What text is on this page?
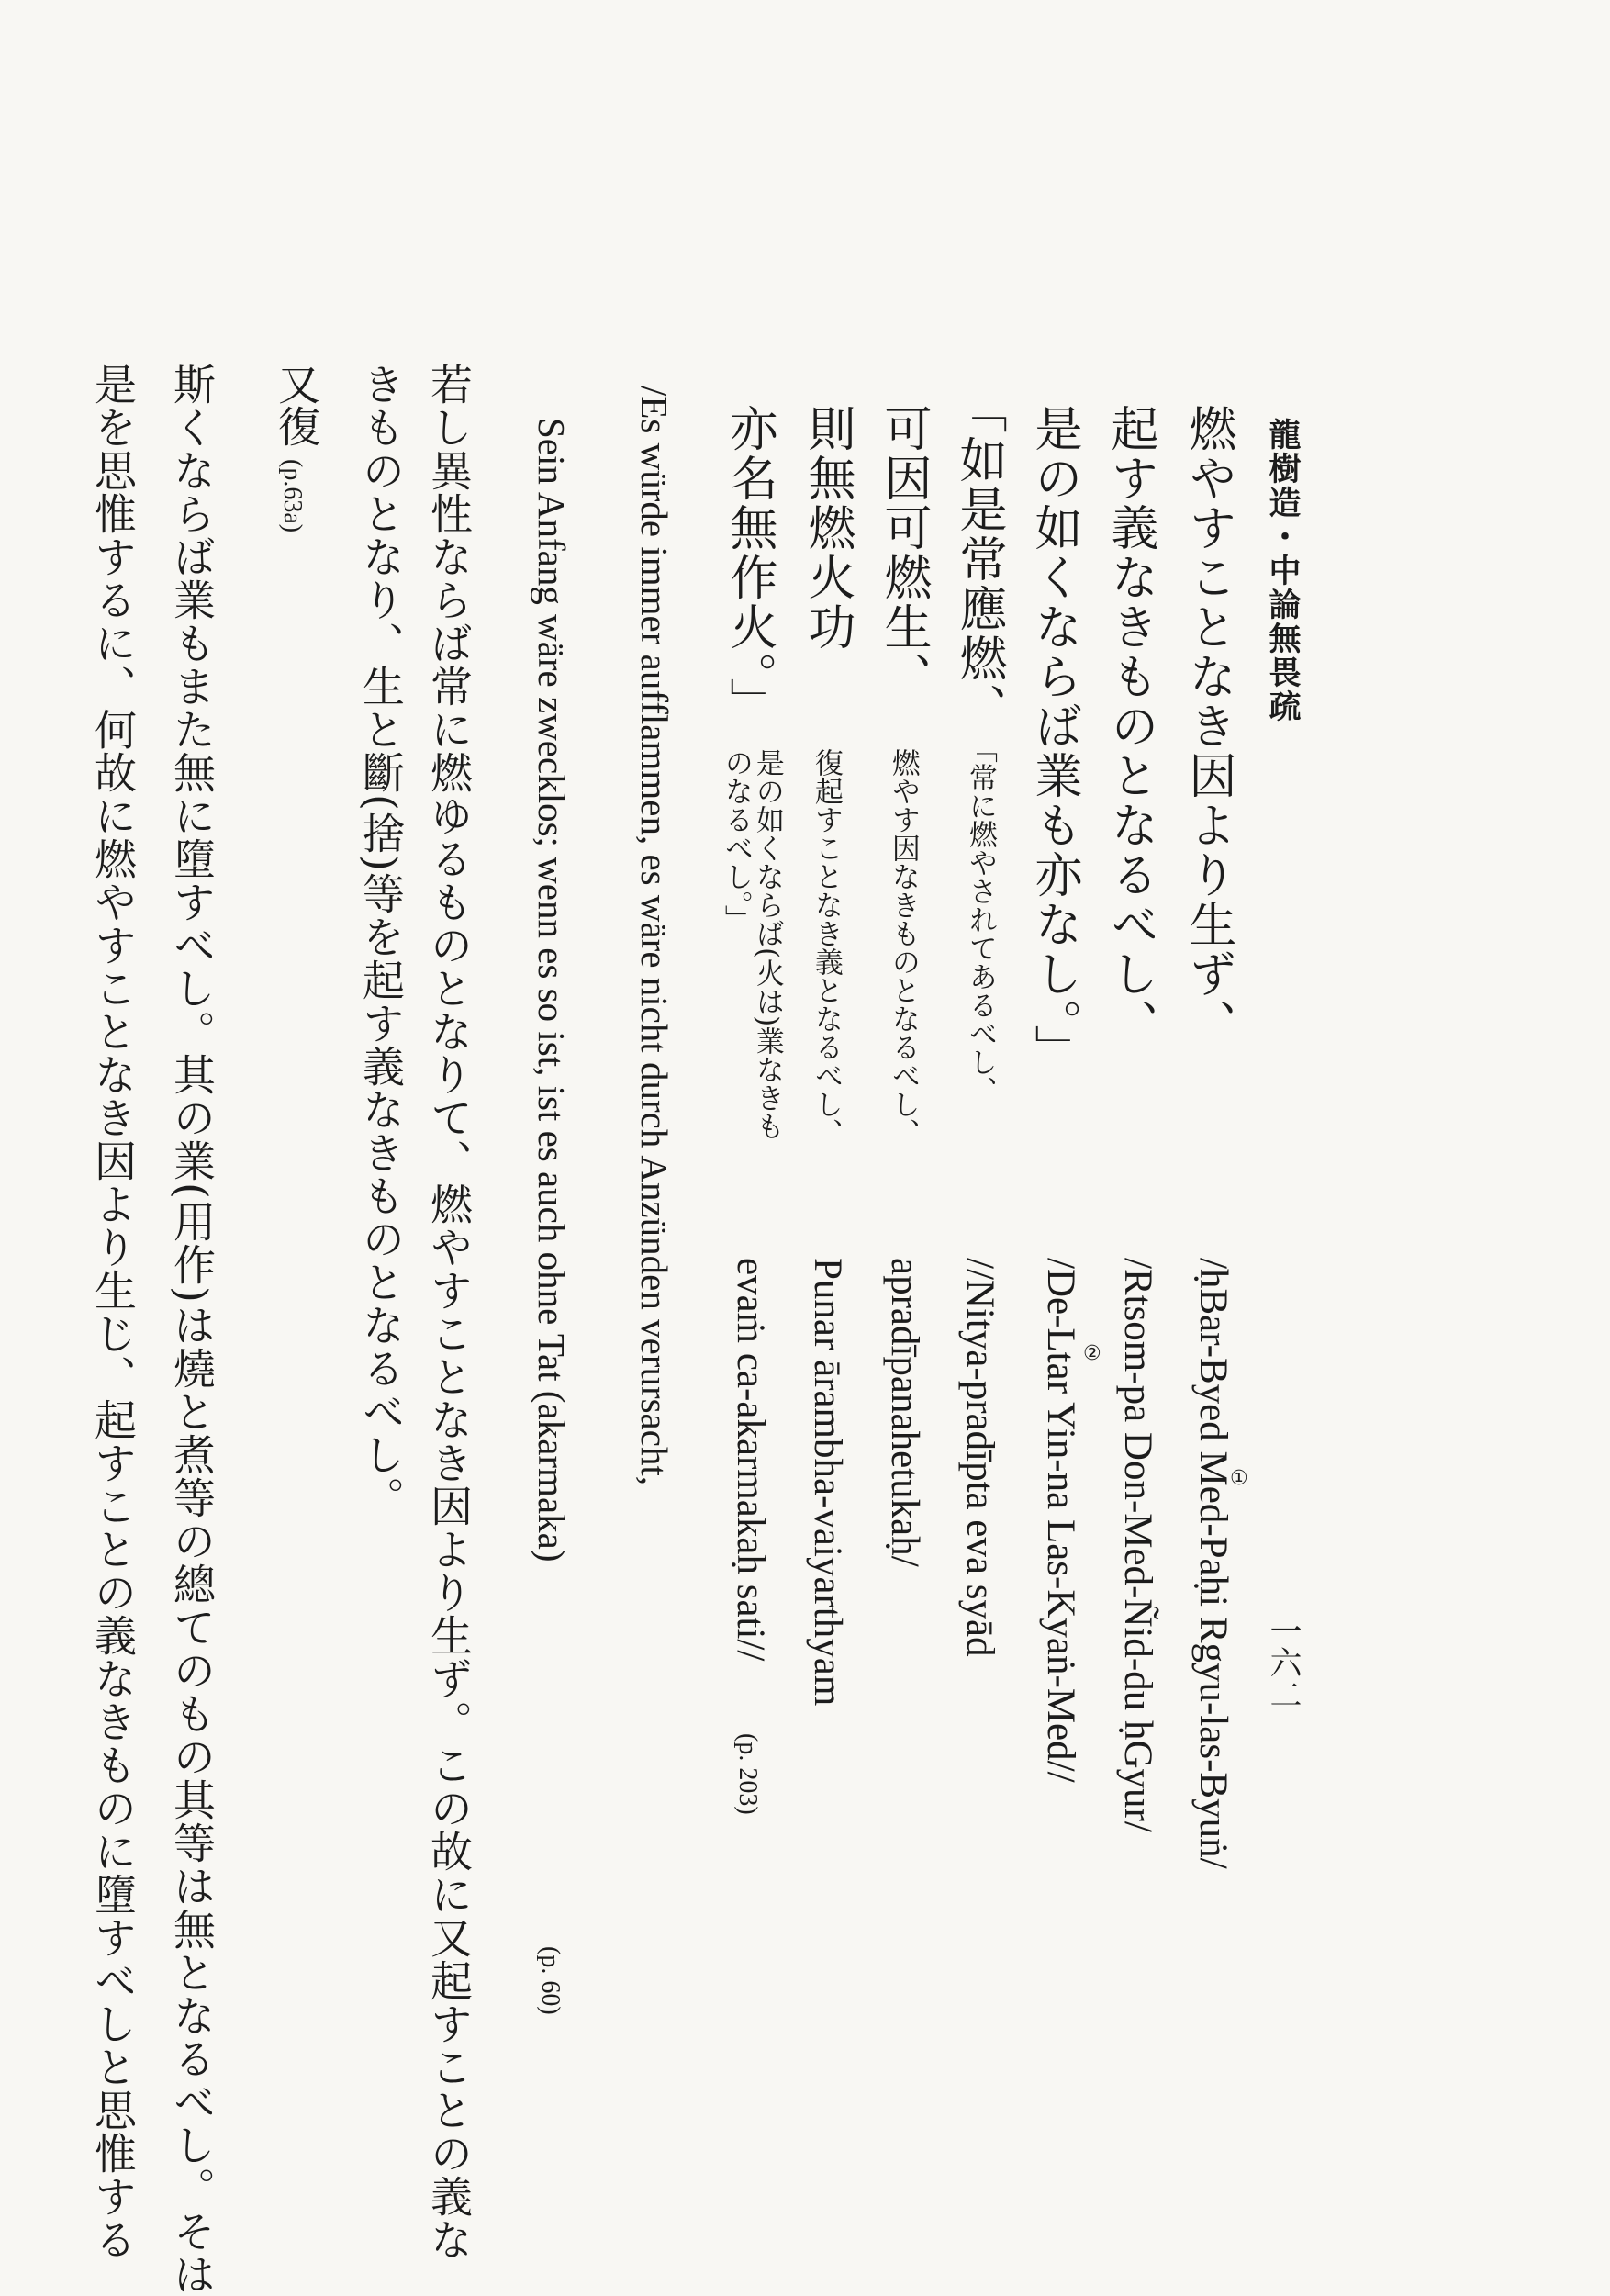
龍樹造・中論無畏疏
一六二
/ḥBar-Byed Med-Paḥi Rgyu-las-Byuṅ/
/Rtsom-pa Don-Med-Ñid-du ḥGyur/
/De-Ltar Yin-na Las-Kyaṅ-Med//	①
②
燃やすことなき因より生ず、
起す義なきものとなるべし、
是の如くならば業も亦なし。」
//Nitya-pradīpta eva syād
apradīpanahetukaḥ/
Punar ārambha-vaiyarthyam
evaṁ ca-akarmakaḥ sati//
(p. 203)
「如是常應燃、
可因可燃生、
則無燃火功
亦名無作火。」
「常に燃やされてあるべし、
燃やす因なきものとなるべし、
復起すことなき義となるべし、
是の如くならば(火は)業なきも
のなるべし。」
/Es würde immer aufflammen, es wäre nicht durch Anzünden verursacht,
Sein Anfang wäre zwecklos; wenn es so ist, ist es auch ohne Tat (akarmaka)
(p. 60)
若し異性ならば常に燃ゆるものとなりて、燃やすことなき因より生ず。この故に又起すことの義な
きものとなり、生と斷(捨)等を起す義なきものとなるべし。
又復
(p.63a)
斯くならば業もまた無に墮すべし。其の業(用作)は燒と煮等の總てのもの其等は無となるべし。そは
是を思惟するに、何故に燃やすことなき因より生じ、起すことの義なきものに墮すべしと思惟する
